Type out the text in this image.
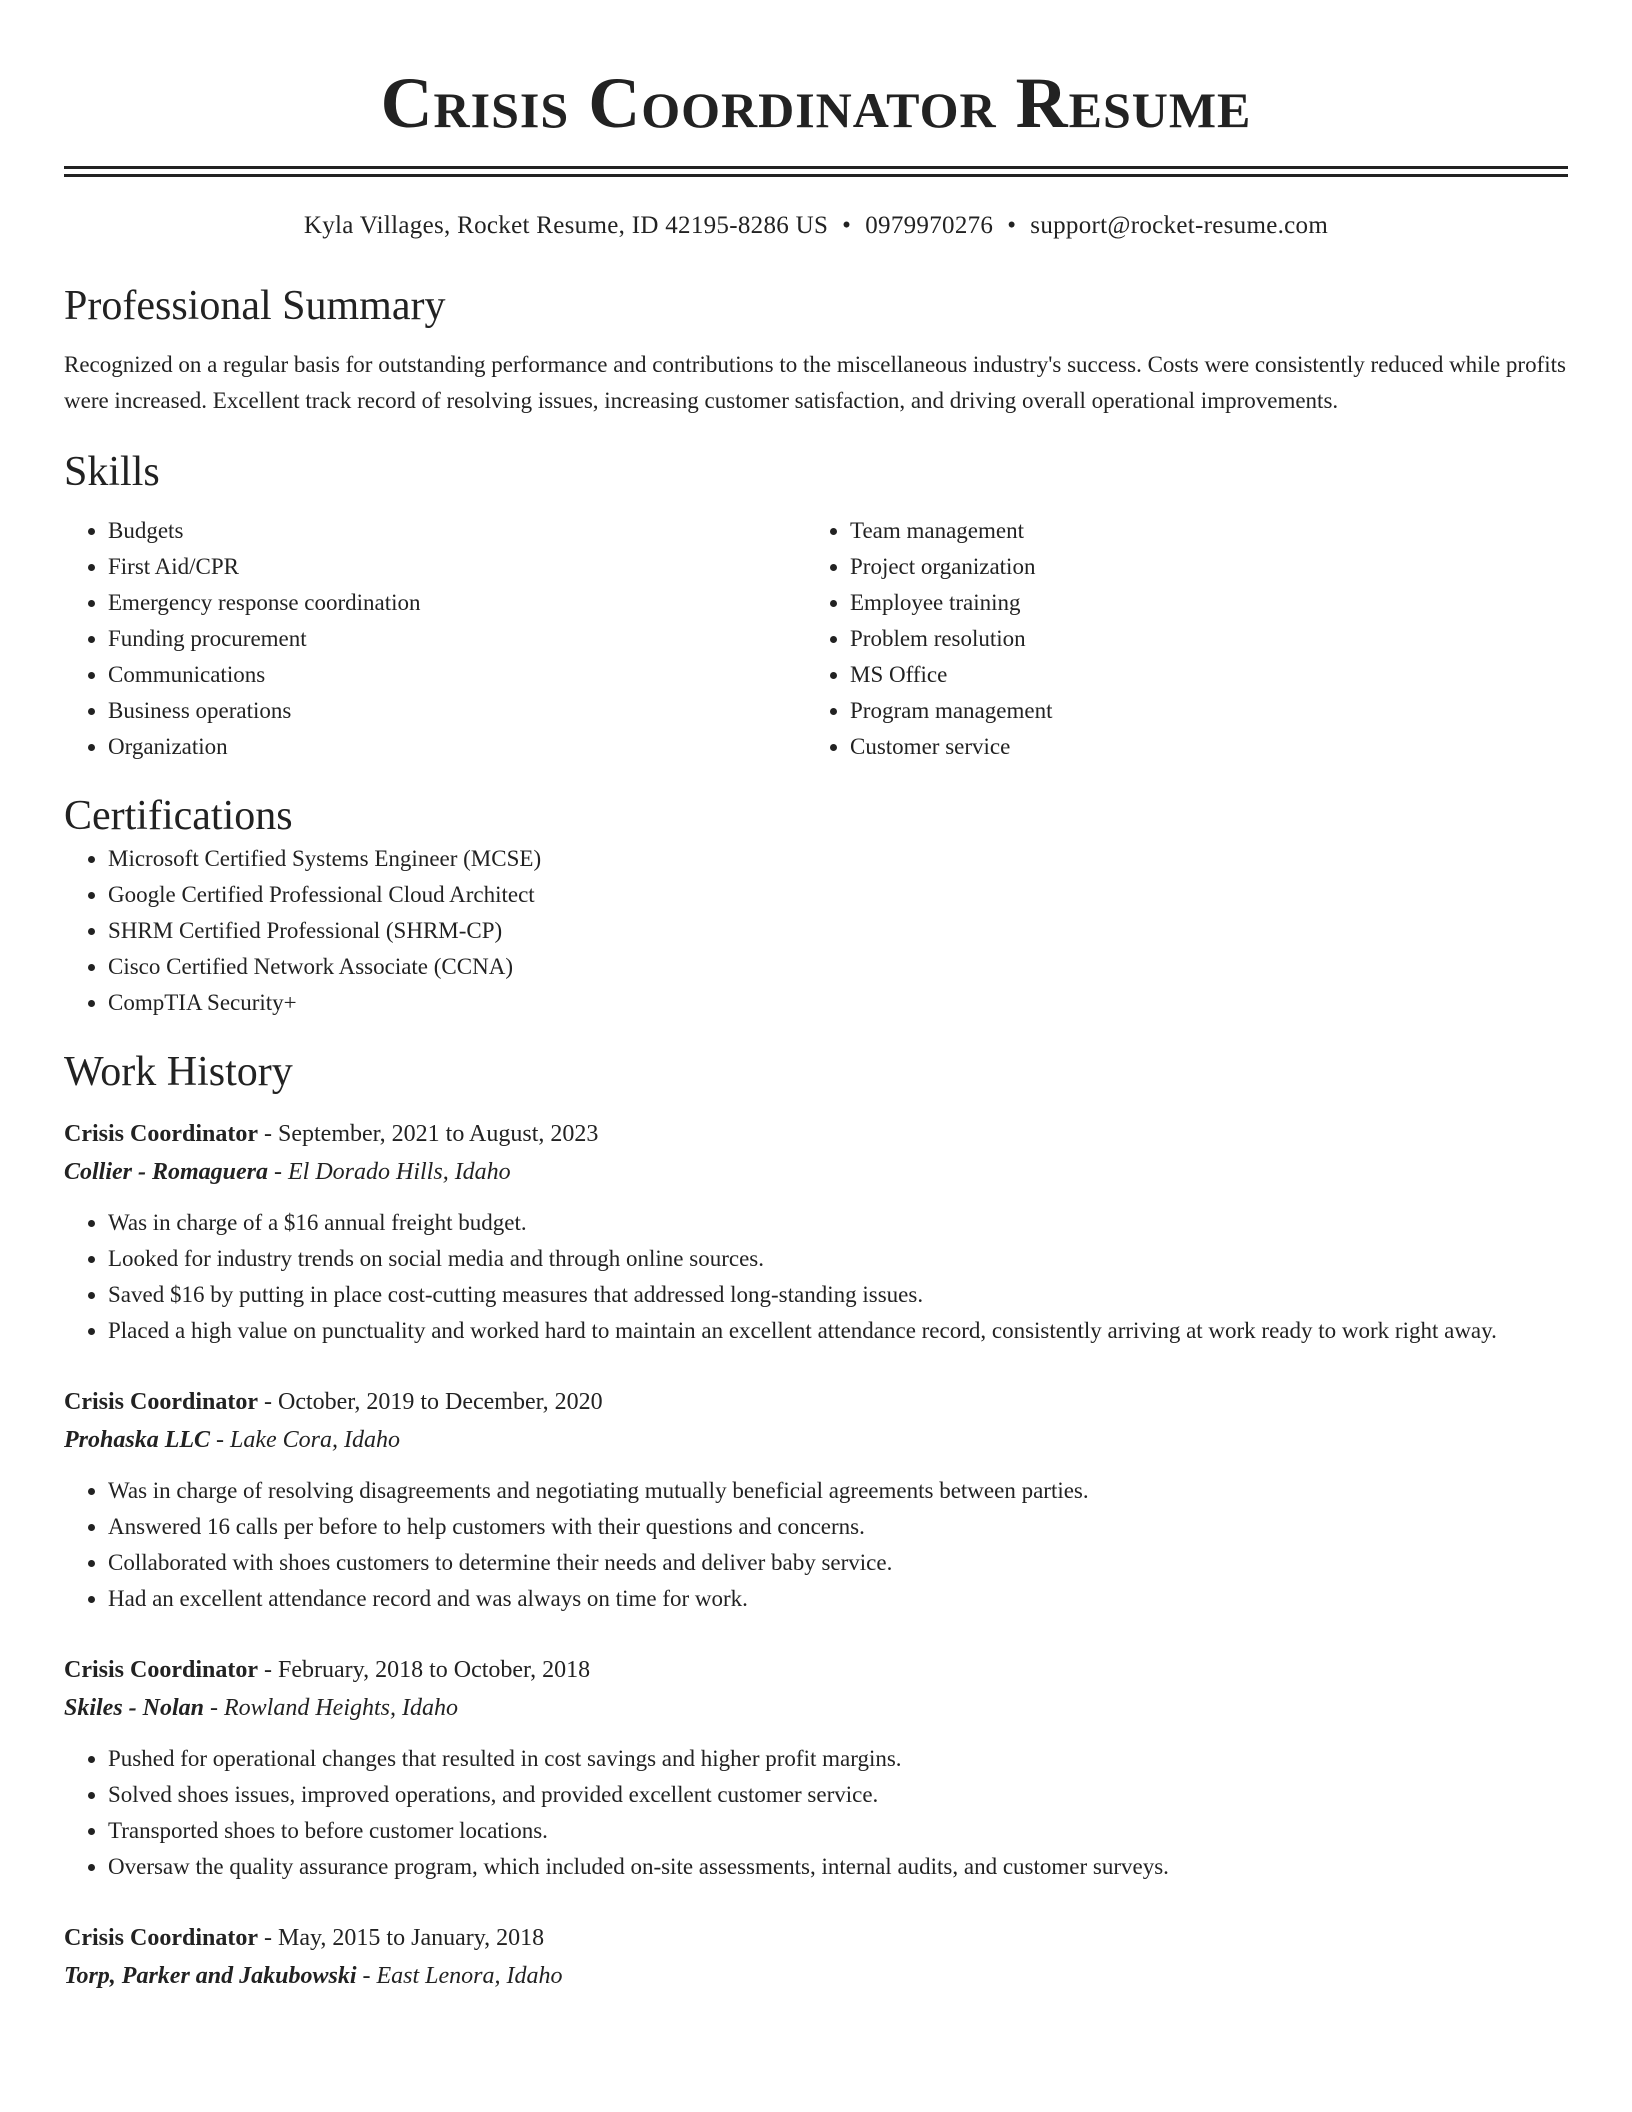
Crisis Coordinator Resume
Kyla Villages, Rocket Resume, ID 42195-8286 US • 0979970276 • support@rocket-resume.com
Professional Summary
Recognized on a regular basis for outstanding performance and contributions to the miscellaneous industry's success. Costs were consistently reduced while profits were increased. Excellent track record of resolving issues, increasing customer satisfaction, and driving overall operational improvements.
Skills
• Budgets
• First Aid/CPR
• Emergency response coordination
• Funding procurement
• Communications
• Business operations
• Organization
• Team management
• Project organization
• Employee training
• Problem resolution
• MS Office
• Program management
• Customer service
Certifications
• Microsoft Certified Systems Engineer (MCSE)
• Google Certified Professional Cloud Architect
• SHRM Certified Professional (SHRM-CP)
• Cisco Certified Network Associate (CCNA)
• CompTIA Security+
Work History
Crisis Coordinator - September, 2021 to August, 2023
Collier - Romaguera - El Dorado Hills, Idaho
• Was in charge of a $16 annual freight budget.
• Looked for industry trends on social media and through online sources.
• Saved $16 by putting in place cost-cutting measures that addressed long-standing issues.
• Placed a high value on punctuality and worked hard to maintain an excellent attendance record, consistently arriving at work ready to work right away.
Crisis Coordinator - October, 2019 to December, 2020
Prohaska LLC - Lake Cora, Idaho
• Was in charge of resolving disagreements and negotiating mutually beneficial agreements between parties.
• Answered 16 calls per before to help customers with their questions and concerns.
• Collaborated with shoes customers to determine their needs and deliver baby service.
• Had an excellent attendance record and was always on time for work.
Crisis Coordinator - February, 2018 to October, 2018
Skiles - Nolan - Rowland Heights, Idaho
• Pushed for operational changes that resulted in cost savings and higher profit margins.
• Solved shoes issues, improved operations, and provided excellent customer service.
• Transported shoes to before customer locations.
• Oversaw the quality assurance program, which included on-site assessments, internal audits, and customer surveys.
Crisis Coordinator - May, 2015 to January, 2018
Torp, Parker and Jakubowski - East Lenora, Idaho
